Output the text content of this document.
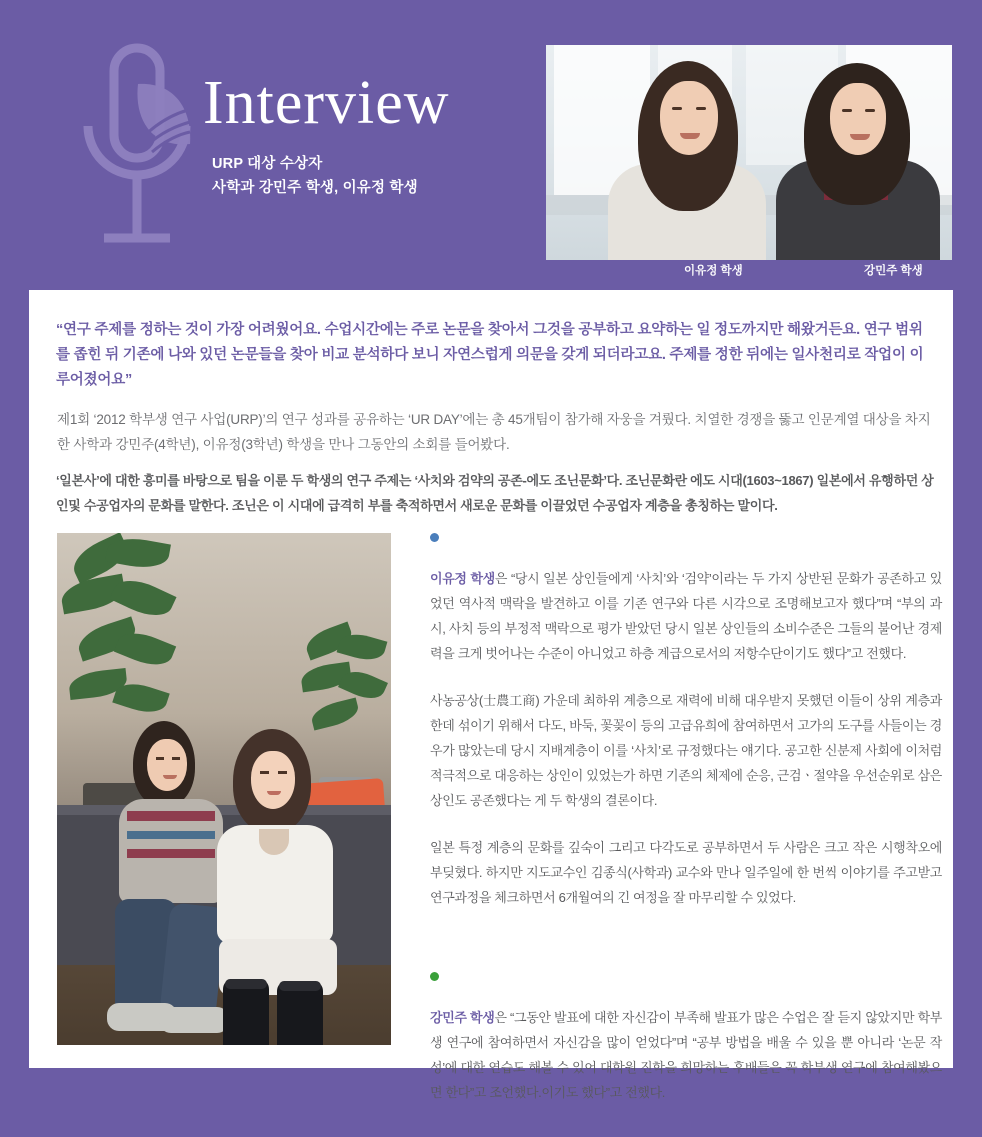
Interview
URP 대상 수상자
사학과 강민주 학생, 이유정 학생
이유정 학생	강민주 학생
“연구 주제를 정하는 것이 가장 어려웠어요. 수업시간에는 주로 논문을 찾아서 그것을 공부하고 요약하는 일 정도까지만 해왔거든요. 연구 범위를 좁힌 뒤 기존에 나와 있던 논문들을 찾아 비교 분석하다 보니 자연스럽게 의문을 갖게 되더라고요. 주제를 정한 뒤에는 일사천리로 작업이 이루어졌어요”
제1회 ‘2012 학부생 연구 사업(URP)’의 연구 성과를 공유하는 ‘UR DAY’에는 총 45개팀이 참가해 자웅을 겨뤘다. 치열한 경쟁을 뚫고 인문계열 대상을 차지한 사학과 강민주(4학년), 이유정(3학년) 학생을 만나 그동안의 소회를 들어봤다.
‘일본사’에 대한 흥미를 바탕으로 팀을 이룬 두 학생의 연구 주제는 ‘사치와 검약의 공존-에도 조닌문화’다. 조닌문화란 에도 시대(1603~1867) 일본에서 유행하던 상인및 수공업자의 문화를 말한다. 조닌은 이 시대에 급격히 부를 축적하면서 새로운 문화를 이끌었던 수공업자 계층을 총칭하는 말이다.

이유정 학생은 “당시 일본 상인들에게 ‘사치’와 ‘검약’이라는 두 가지 상반된 문화가 공존하고 있었던 역사적 맥락을 발견하고 이를 기존 연구와 다른 시각으로 조명해보고자 했다”며 “부의 과시, 사치 등의 부정적 맥락으로 평가 받았던 당시 일본 상인들의 소비수준은 그들의 불어난 경제력을 크게 벗어나는 수준이 아니었고 하층 계급으로서의 저항수단이기도 했다”고 전했다.

사농공상(士農工商) 가운데 최하위 계층으로 재력에 비해 대우받지 못했던 이들이 상위 계층과 한데 섞이기 위해서 다도, 바둑, 꽃꽂이 등의 고급유희에 참여하면서 고가의 도구를 사들이는 경우가 많았는데 당시 지배계층이 이를 ‘사치’로 규정했다는 얘기다. 공고한 신분제 사회에 이처럼 적극적으로 대응하는 상인이 있었는가 하면 기존의 체제에 순응, 근검ㆍ절약을 우선순위로 삼은 상인도 공존했다는 게 두 학생의 결론이다.

일본 특정 계층의 문화를 깊숙이 그리고 다각도로 공부하면서 두 사람은 크고 작은 시행착오에 부딪혔다. 하지만 지도교수인 김종식(사학과) 교수와 만나 일주일에 한 번씩 이야기를 주고받고 연구과정을 체크하면서 6개월여의 긴 여정을 잘 마무리할 수 있었다.

강민주 학생은 “그동안 발표에 대한 자신감이 부족해 발표가 많은 수업은 잘 듣지 않았지만 학부생 연구에 참여하면서 자신감을 많이 얻었다”며 “공부 방법을 배울 수 있을 뿐 아니라 ‘논문 작성’에 대한 연습도 해볼 수 있어 대학원 진학을 희망하는 후배들은 꼭 학부생 연구에 참여해봤으면 한다”고 조언했다.이기도 했다”고 전했다.
